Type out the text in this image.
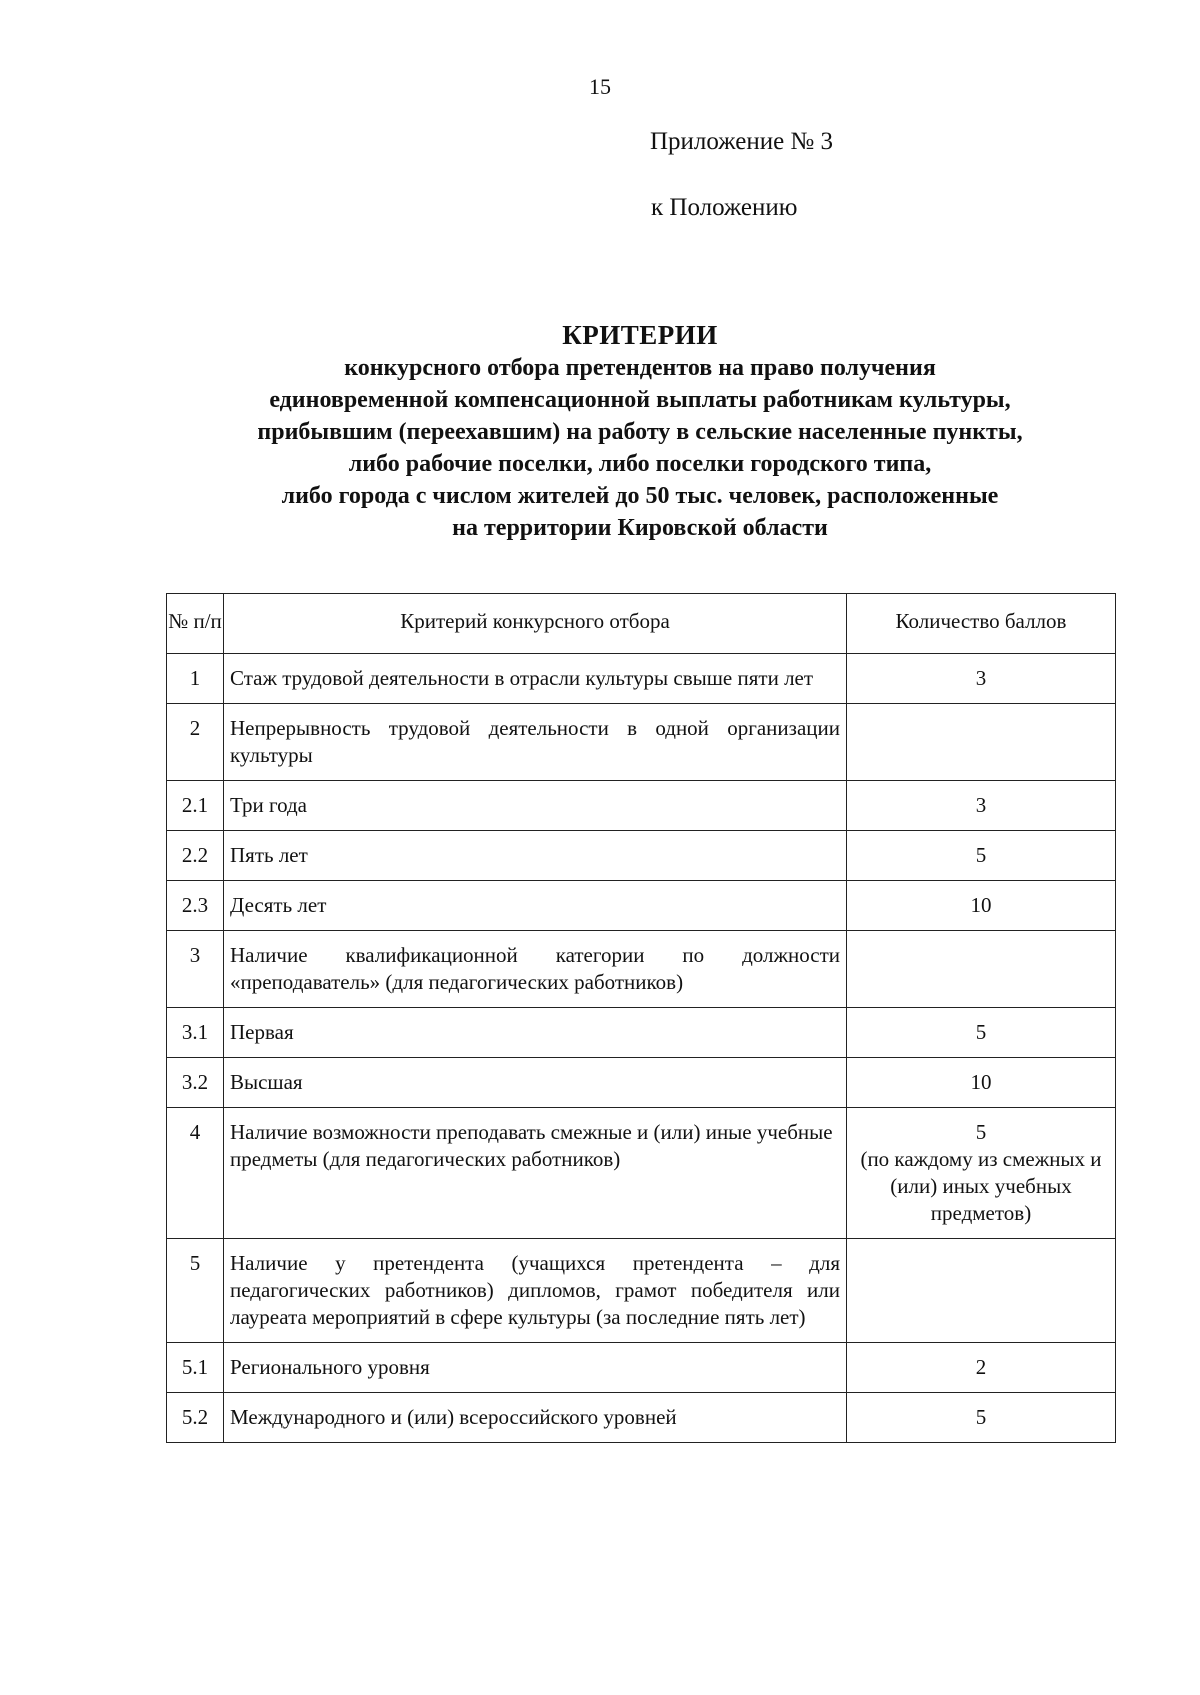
15
Приложение № 3
к Положению
КРИТЕРИИ
конкурсного отбора претендентов на право получения
единовременной компенсационной выплаты работникам культуры,
прибывшим (переехавшим) на работу в сельские населенные пункты,
либо рабочие поселки, либо поселки городского типа,
либо города с числом жителей до 50 тыс. человек, расположенные
на территории Кировской области
№ п/п	Критерий конкурсного отбора	Количество баллов

1	Стаж трудовой деятельности в отрасли культуры свыше пяти лет	3

2	Непрерывность трудовой деятельности в одной организации культуры	

2.1	Три года	3

2.2	Пять лет	5

2.3	Десять лет	10

3	Наличие квалификационной категории по должности «преподаватель» (для педагогических работников)	

3.1	Первая	5

3.2	Высшая	10

4	Наличие возможности преподавать смежные и (или) иные учебные предметы (для педагогических работников)	5
(по каждому из смежных и (или) иных учебных предметов)

5	Наличие у претендента (учащихся претендента – для педагогических работников) дипломов, грамот победителя или лауреата мероприятий в сфере культуры (за последние пять лет)	

5.1	Регионального уровня	2

5.2	Международного и (или) всероссийского уровней	5
